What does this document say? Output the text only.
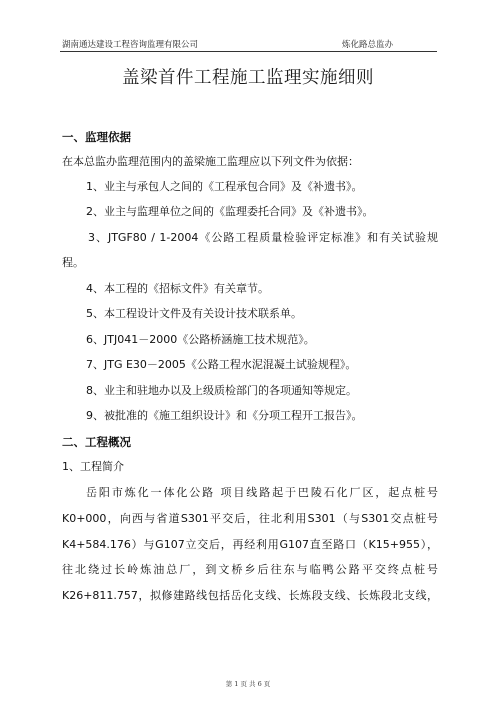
湖南通达建设工程咨询监理有限公司	炼化路总监办
盖梁首件工程施工监理实施细则
一、监理依据
在本总监办监理范围内的盖梁施工监理应以下列文件为依据：
1、业主与承包人之间的《工程承包合同》及《补遗书》。
2、业主与监理单位之间的《监理委托合同》及《补遗书》。
3、JTGF80 / 1-2004《公路工程质量检验评定标准》和有关试验规
程。
4、本工程的《招标文件》有关章节。
5、本工程设计文件及有关设计技术联系单。
6、JTJ041－2000《公路桥涵施工技术规范》。
7、JTG E30－2005《公路工程水泥混凝土试验规程》。
8、业主和驻地办以及上级质检部门的各项通知等规定。
9、被批准的《施工组织设计》和《分项工程开工报告》。
二、工程概况
1、工程简介
岳阳市炼化一体化公路 项目线路起于巴陵石化厂区，起点桩号
K0+000，向西与省道S301平交后，往北利用S301（与S301交点桩号
K4+584.176）与G107立交后，再经利用G107直至路口（K15+955），
往北绕过长岭炼油总厂，到文桥乡后往东与临鸭公路平交终点桩号
K26+811.757，拟修建路线包括岳化支线、长炼段支线、长炼段北支线，
第 1 页 共 6 页
